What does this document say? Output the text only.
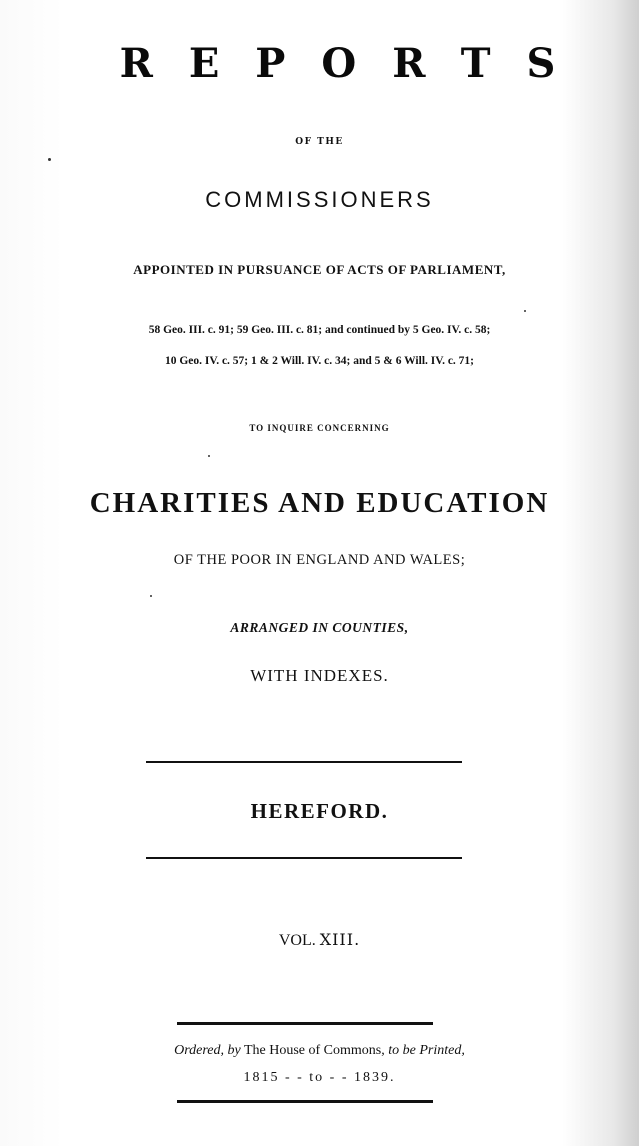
REPORTS
OF THE
COMMISSIONERS
APPOINTED IN PURSUANCE OF ACTS OF PARLIAMENT,
58 Geo. III. c. 91; 59 Geo. III. c. 81; and continued by 5 Geo. IV. c. 58;
10 Geo. IV. c. 57; 1 & 2 Will. IV. c. 34; and 5 & 6 Will. IV. c. 71;
TO INQUIRE CONCERNING
CHARITIES AND EDUCATION
OF THE POOR IN ENGLAND AND WALES;
ARRANGED IN COUNTIES,
WITH INDEXES.
HEREFORD.
VOL. XIII.
Ordered, by The House of Commons, to be Printed,
1815 - - to - - 1839.
